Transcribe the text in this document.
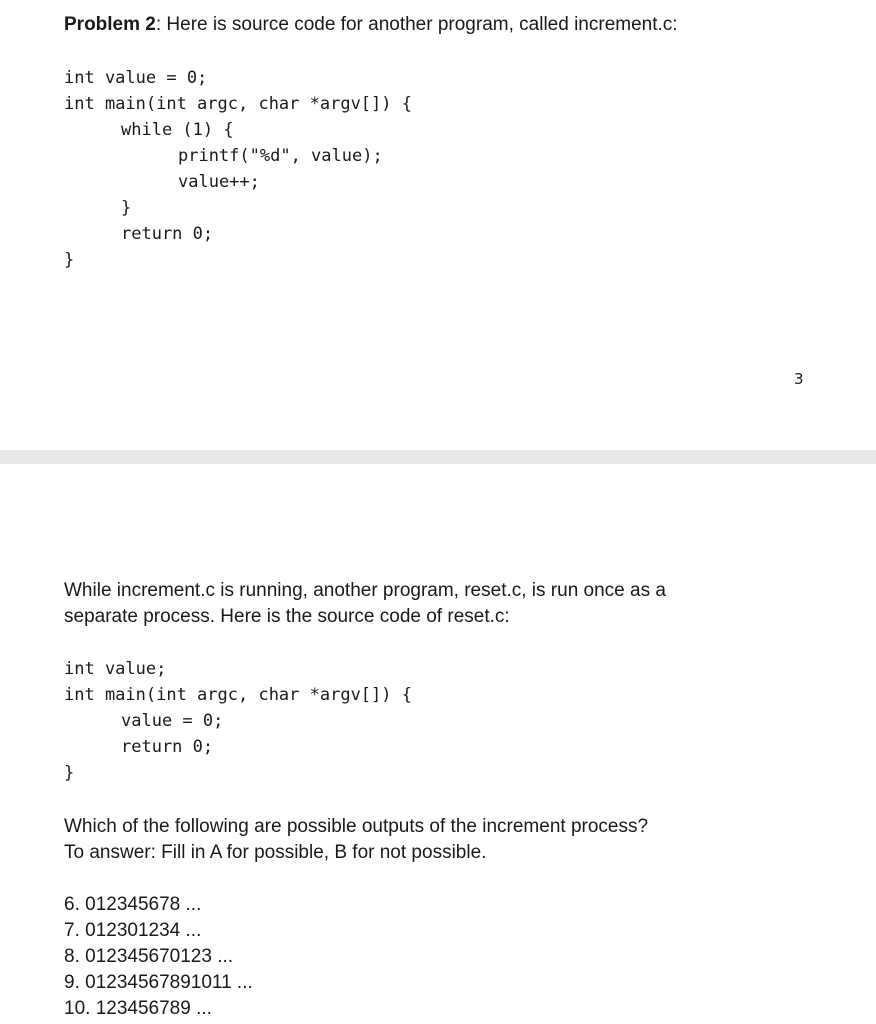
Problem 2: Here is source code for another program, called increment.c:
int value = 0;
int main(int argc, char *argv[]) {
while (1) {
printf("%d", value);
value++;
}
return 0;
}
3
While increment.c is running, another program, reset.c, is run once as a
separate process. Here is the source code of reset.c:
int value;
int main(int argc, char *argv[]) {
value = 0;
return 0;
}
Which of the following are possible outputs of the increment process?
To answer: Fill in A for possible, B for not possible.
6. 012345678 ...
7. 012301234 ...
8. 012345670123 ...
9. 01234567891011 ...
10. 123456789 ...
